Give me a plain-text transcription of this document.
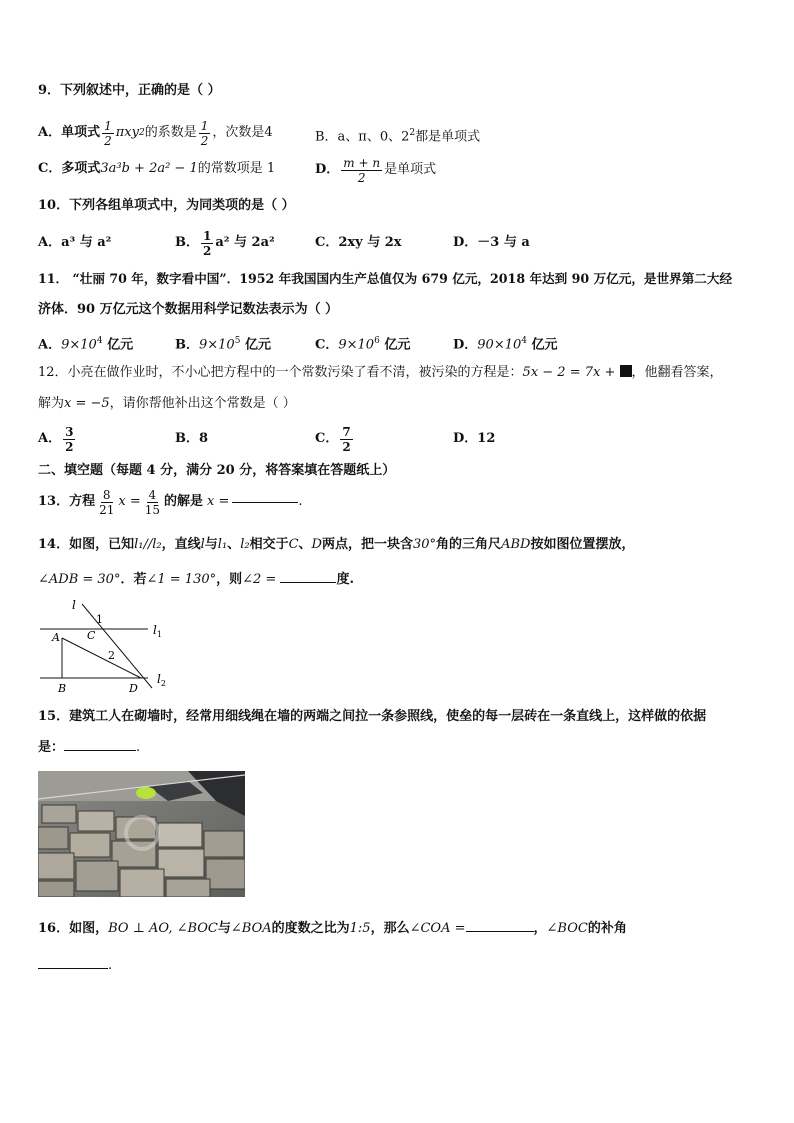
9．下列叙述中，正确的是（ ）
A．单项式 $\frac{1}{2}$ πxy 2 的系数是 $\frac{1}{2}$ ，次数是4	B．a、π、0、$2^2$都是单项式
C．多项式 3a³b + 2a² − 1 的常数项是 1	D． $\frac{m + n}{2}$ 是单项式
10．下列各组单项式中，为同类项的是（ ）
A．a³ 与 a²	B． $\frac{1}{2} a^2$ 与 2a²	C．2xy 与 2x	D．－3 与 a
11． “壮丽 70 年，数字看中国”．1952 年我国国内生产总值仅为 679 亿元，2018 年达到 90 万亿元，是世界第二大经
济体．90 万亿元这个数据用科学记数法表示为（ ）
A．$9\times 10^4$ 亿元	B．$9\times 10^5$ 亿元	C．$9\times 10^6$ 亿元	D．$90\times 10^4$ 亿元
12．小亮在做作业时，不小心把方程中的一个常数污染了看不清，被污染的方程是：5x − 2 = 7x + ，他翻看答案，
解为x = −5，请你帮他补出这个常数是（ ）
A． $\frac{3}{2}$	B．8	C． $\frac{7}{2}$	D．12
二、填空题（每题 4 分，满分 20 分，将答案填在答题纸上）
13．方程 $\frac{8}{21}$ $x = \frac{4}{15}$ 的解是 x =	.
14．如图，已知l₁//l₂，直线l与l₁、l₂相交于C、D两点，把一块含30°角的三角尺ABD按如图位置摆放，
∠ADB = 30°．若∠1 = 130°，则∠2 =	度.
l
1
$l_1$
A C
2
$l_2$
B	D
15．建筑工人在砌墙时，经常用细线绳在墙的两端之间拉一条参照线，使垒的每一层砖在一条直线上，这样做的依据
是：	.
16．如图，BO ⊥ AO, ∠BOC与∠BOA的度数之比为1:5，那么∠COA =	，∠BOC的补角
.
